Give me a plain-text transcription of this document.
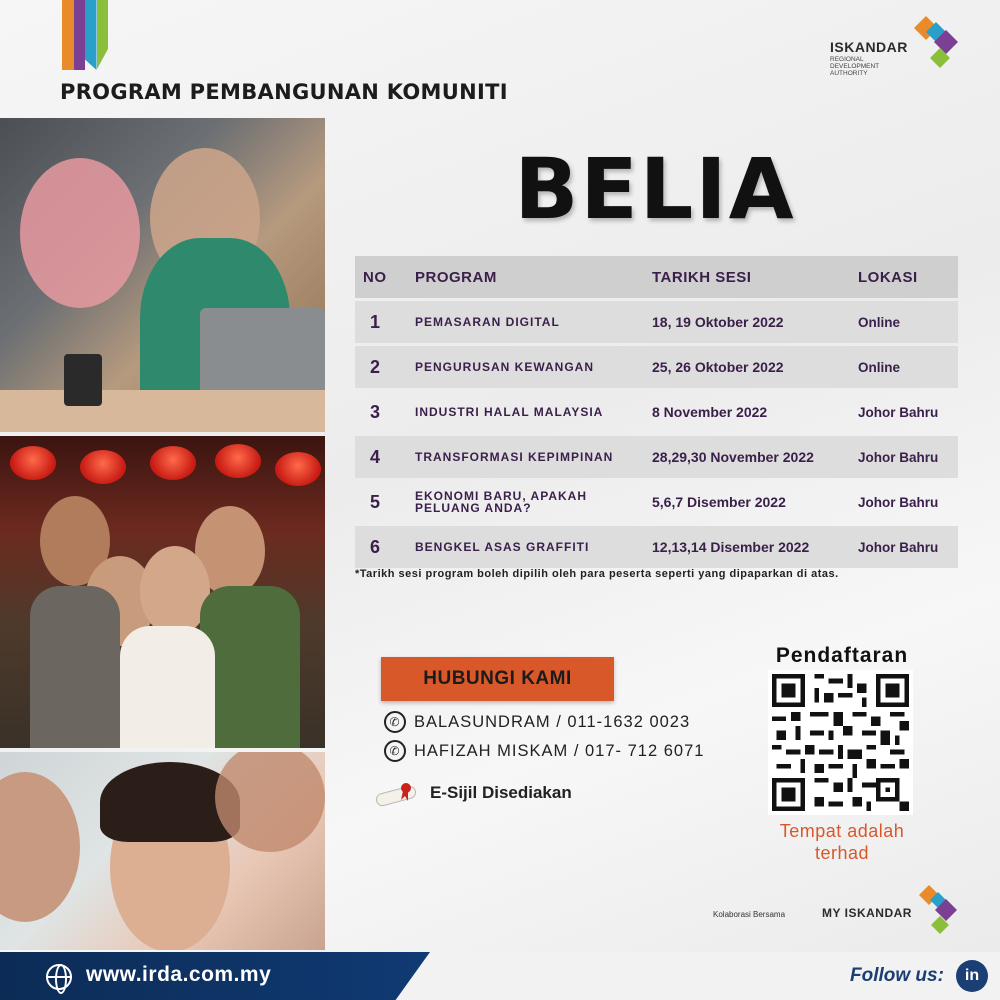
PROGRAM PEMBANGUNAN KOMUNITI
ISKANDAR
REGIONAL DEVELOPMENT AUTHORITY
BELIA
NO	PROGRAM	TARIKH SESI	LOKASI
1	PEMASARAN DIGITAL	18, 19 Oktober 2022	Online
2	PENGURUSAN KEWANGAN	25, 26 Oktober 2022	Online
3	INDUSTRI HALAL MALAYSIA	8 November 2022	Johor Bahru
4	TRANSFORMASI KEPIMPINAN	28,29,30 November 2022	Johor Bahru
5	EKONOMI BARU, APAKAH PELUANG ANDA?	5,6,7 Disember 2022	Johor Bahru
6	BENGKEL ASAS GRAFFITI	12,13,14 Disember 2022	Johor Bahru
*Tarikh sesi program boleh dipilih oleh para peserta seperti yang dipaparkan di atas.
HUBUNGI KAMI
✆ BALASUNDRAM / 011-1632 0023
✆ HAFIZAH MISKAM / 017- 712 6071
E-Sijil Disediakan
Pendaftaran
Tempat adalah
terhad
Kolaborasi Bersama	MY ISKANDAR
www.irda.com.my	Follow us:	in
